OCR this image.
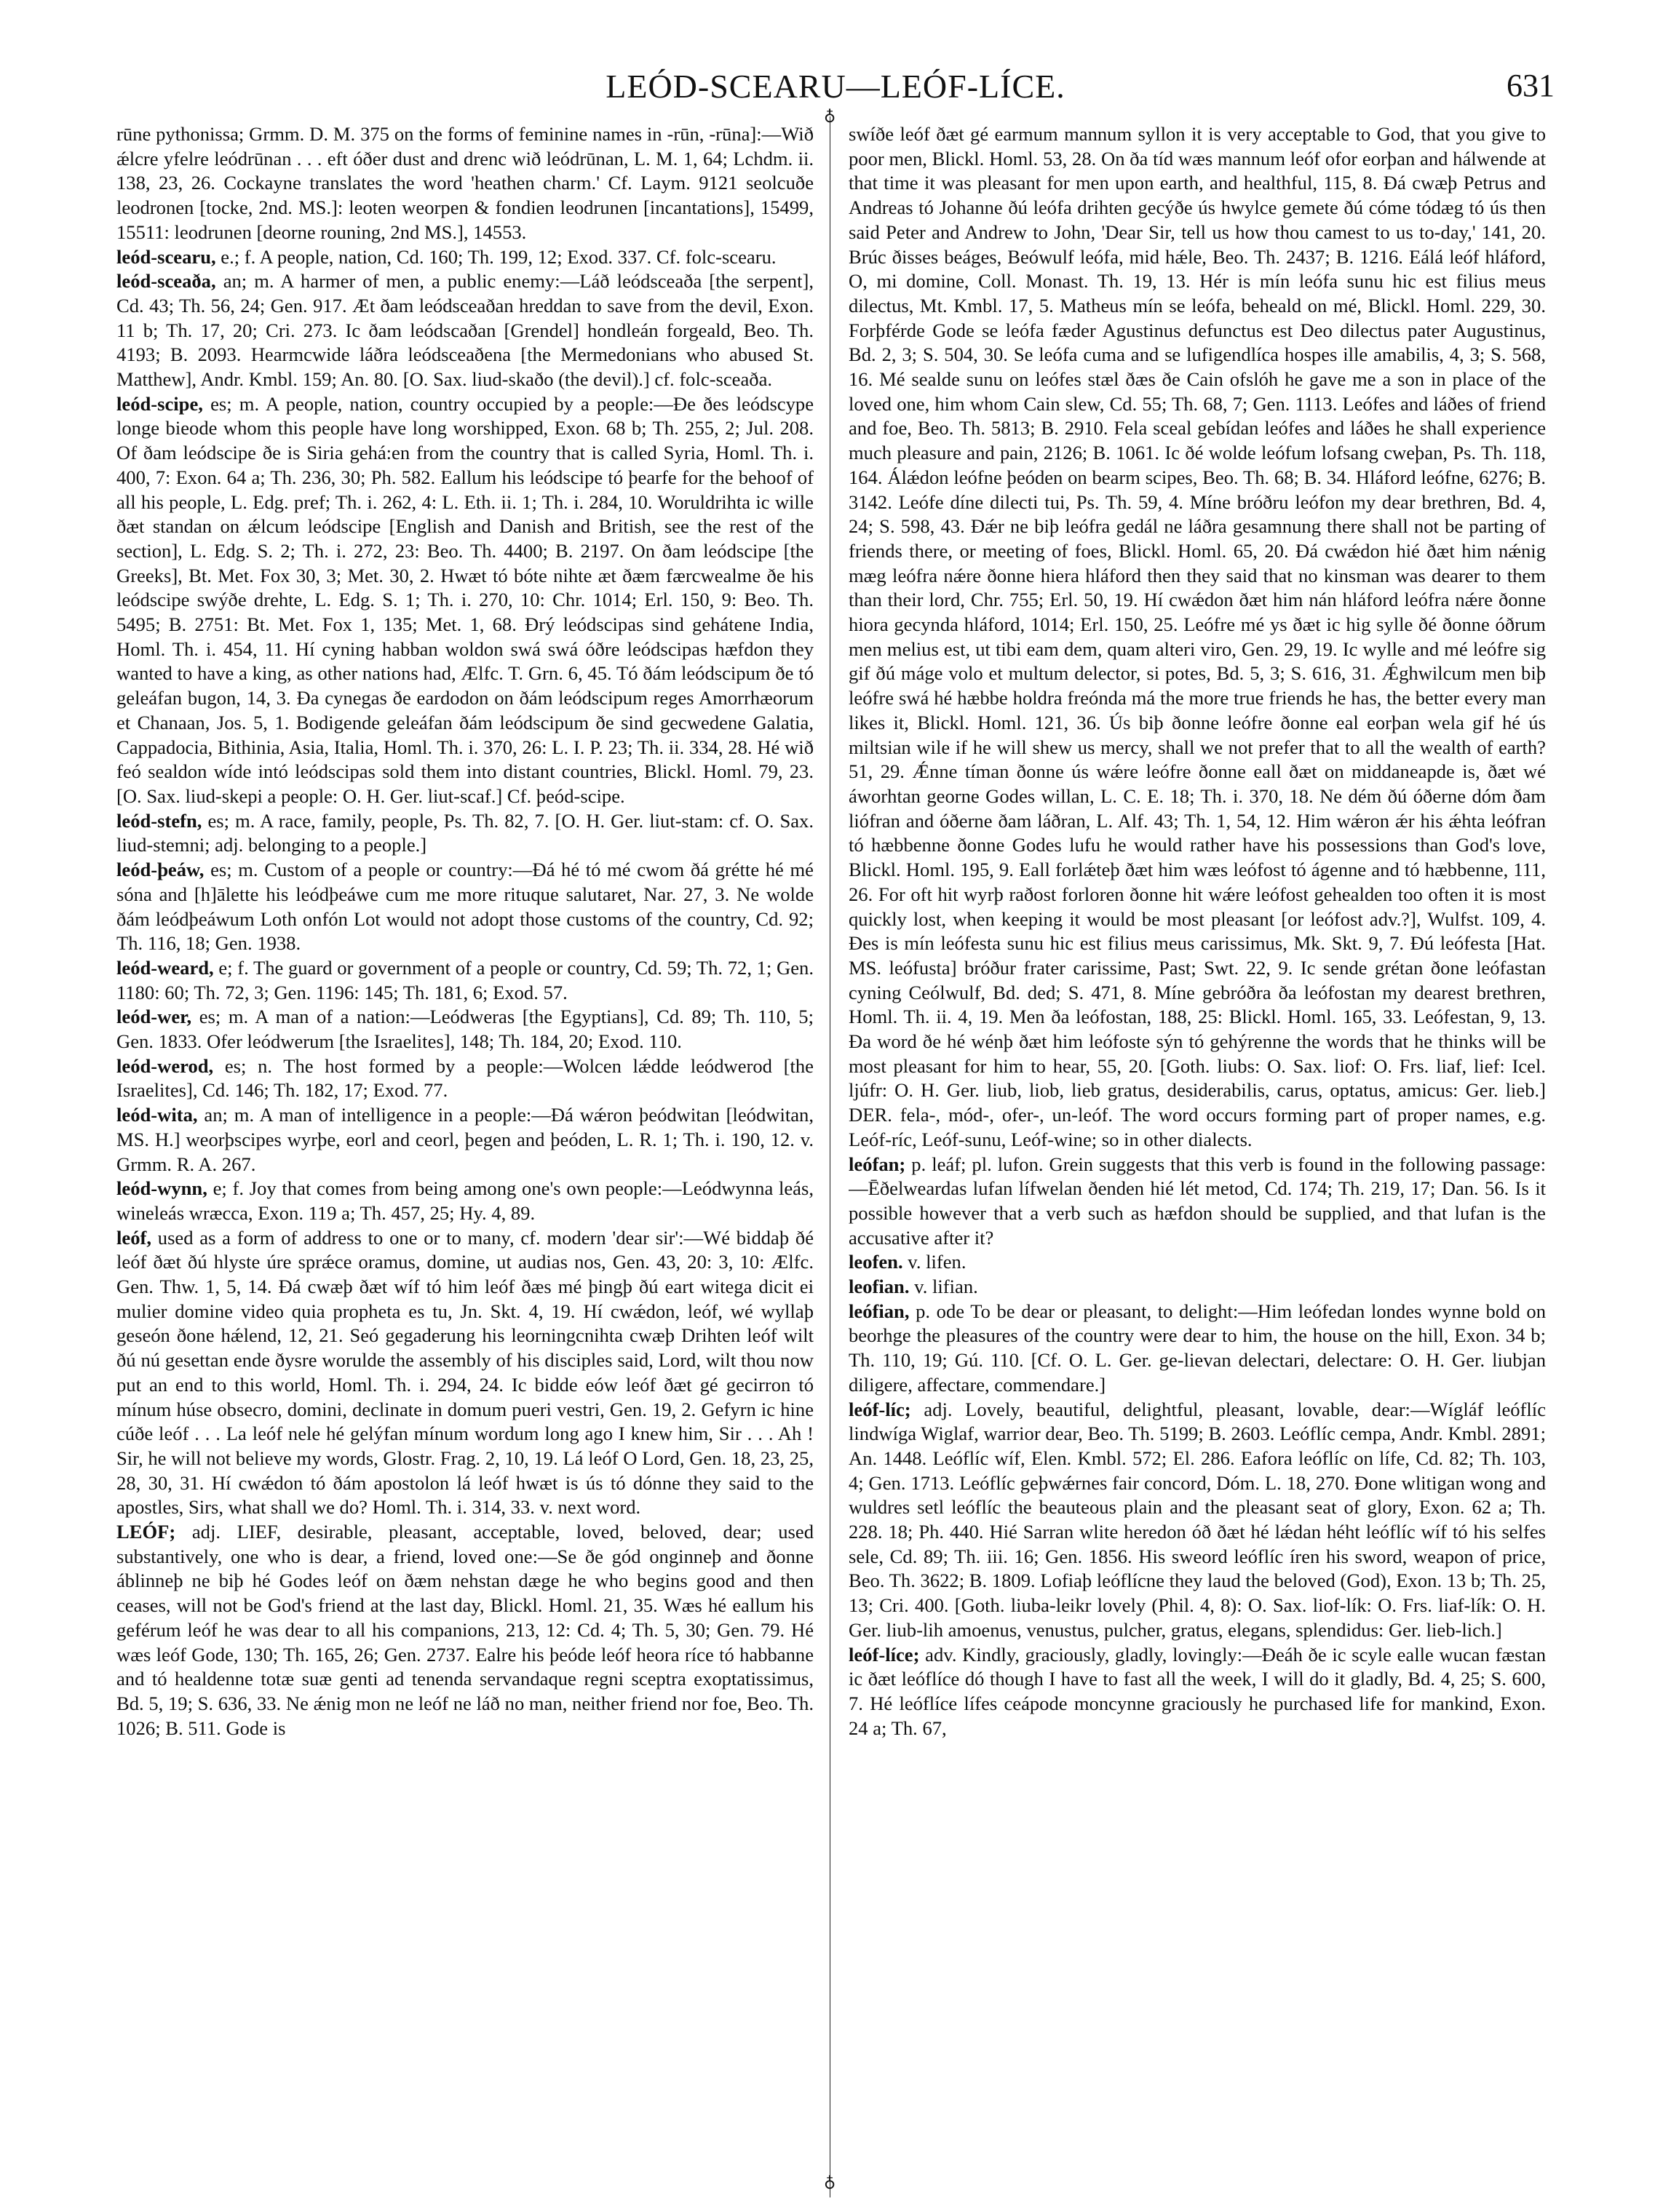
LEÓD-SCEARU—LEÓF-LÍCE.	631
♁
♁

rūne pythonissa; Grmm. D. M. 375 on the forms of feminine names in -rūn, -rūna]:—Wið ǽlcre yfelre leódrūnan . . . eft óðer dust and drenc wið leódrūnan, L. M. 1, 64; Lchdm. ii. 138, 23, 26. Cockayne translates the word 'heathen charm.' Cf. Laym. 9121 seolcuðe leodronen [tocke, 2nd. MS.]: leoten weorpen & fondien leodrunen [incantations], 15499, 15511: leodrunen [deorne rouning, 2nd MS.], 14553.

leód-scearu, e.; f. A people, nation, Cd. 160; Th. 199, 12; Exod. 337. Cf. folc-scearu.

leód-sceaða, an; m. A harmer of men, a public enemy:—Láð leódsceaða [the serpent], Cd. 43; Th. 56, 24; Gen. 917. Æt ðam leódsceaðan hreddan to save from the devil, Exon. 11 b; Th. 17, 20; Cri. 273. Ic ðam leódscaðan [Grendel] hondleán forgeald, Beo. Th. 4193; B. 2093. Hearmcwide láðra leódsceaðena [the Mermedonians who abused St. Matthew], Andr. Kmbl. 159; An. 80. [O. Sax. liud-skaðo (the devil).] cf. folc-sceaða.

leód-scipe, es; m. A people, nation, country occupied by a people:—Ðe ðes leódscype longe bieode whom this people have long worshipped, Exon. 68 b; Th. 255, 2; Jul. 208. Of ðam leódscipe ðe is Siria gehá:en from the country that is called Syria, Homl. Th. i. 400, 7: Exon. 64 a; Th. 236, 30; Ph. 582. Eallum his leódscipe tó þearfe for the behoof of all his people, L. Edg. pref; Th. i. 262, 4: L. Eth. ii. 1; Th. i. 284, 10. Woruldrihta ic wille ðæt standan on ǽlcum leódscipe [English and Danish and British, see the rest of the section], L. Edg. S. 2; Th. i. 272, 23: Beo. Th. 4400; B. 2197. On ðam leódscipe [the Greeks], Bt. Met. Fox 30, 3; Met. 30, 2. Hwæt tó bóte nihte æt ðæm færcwealme ðe his leódscipe swýðe drehte, L. Edg. S. 1; Th. i. 270, 10: Chr. 1014; Erl. 150, 9: Beo. Th. 5495; B. 2751: Bt. Met. Fox 1, 135; Met. 1, 68. Ðrý leódscipas sind gehátene India, Homl. Th. i. 454, 11. Hí cyning habban woldon swá swá óðre leódscipas hæfdon they wanted to have a king, as other nations had, Ælfc. T. Grn. 6, 45. Tó ðám leódscipum ðe tó geleáfan bugon, 14, 3. Ða cynegas ðe eardodon on ðám leódscipum reges Amorrhæorum et Chanaan, Jos. 5, 1. Bodigende geleáfan ðám leódscipum ðe sind gecwedene Galatia, Cappadocia, Bithinia, Asia, Italia, Homl. Th. i. 370, 26: L. I. P. 23; Th. ii. 334, 28. Hé wið feó sealdon wíde intó leódscipas sold them into distant countries, Blickl. Homl. 79, 23. [O. Sax. liud-skepi a people: O. H. Ger. liut-scaf.] Cf. þeód-scipe.

leód-stefn, es; m. A race, family, people, Ps. Th. 82, 7. [O. H. Ger. liut-stam: cf. O. Sax. liud-stemni; adj. belonging to a people.]

leód-þeáw, es; m. Custom of a people or country:—Ðá hé tó mé cwom ðá grétte hé mé sóna and [h]ālette his leódþeáwe cum me more rituque salutaret, Nar. 27, 3. Ne wolde ðám leódþeáwum Loth onfón Lot would not adopt those customs of the country, Cd. 92; Th. 116, 18; Gen. 1938.

leód-weard, e; f. The guard or government of a people or country, Cd. 59; Th. 72, 1; Gen. 1180: 60; Th. 72, 3; Gen. 1196: 145; Th. 181, 6; Exod. 57.

leód-wer, es; m. A man of a nation:—Leódweras [the Egyptians], Cd. 89; Th. 110, 5; Gen. 1833. Ofer leódwerum [the Israelites], 148; Th. 184, 20; Exod. 110.

leód-werod, es; n. The host formed by a people:—Wolcen lǽdde leódwerod [the Israelites], Cd. 146; Th. 182, 17; Exod. 77.

leód-wita, an; m. A man of intelligence in a people:—Ðá wǽron þeódwitan [leódwitan, MS. H.] weorþscipes wyrþe, eorl and ceorl, þegen and þeóden, L. R. 1; Th. i. 190, 12. v. Grmm. R. A. 267.

leód-wynn, e; f. Joy that comes from being among one's own people:—Leódwynna leás, wineleás wræcca, Exon. 119 a; Th. 457, 25; Hy. 4, 89.

leóf, used as a form of address to one or to many, cf. modern 'dear sir':—Wé biddaþ ðé leóf ðæt ðú hlyste úre sprǽce oramus, domine, ut audias nos, Gen. 43, 20: 3, 10: Ælfc. Gen. Thw. 1, 5, 14. Ðá cwæþ ðæt wíf tó him leóf ðæs mé þingþ ðú eart witega dicit ei mulier domine video quia propheta es tu, Jn. Skt. 4, 19. Hí cwǽdon, leóf, wé wyllaþ geseón ðone hǽlend, 12, 21. Seó gegaderung his leorningcnihta cwæþ Drihten leóf wilt ðú nú gesettan ende ðysre worulde the assembly of his disciples said, Lord, wilt thou now put an end to this world, Homl. Th. i. 294, 24. Ic bidde eów leóf ðæt gé gecirron tó mínum húse obsecro, domini, declinate in domum pueri vestri, Gen. 19, 2. Gefyrn ic hine cúðe leóf . . . La leóf nele hé gelýfan mínum wordum long ago I knew him, Sir . . . Ah ! Sir, he will not believe my words, Glostr. Frag. 2, 10, 19. Lá leóf O Lord, Gen. 18, 23, 25, 28, 30, 31. Hí cwǽdon tó ðám apostolon lá leóf hwæt is ús tó dónne they said to the apostles, Sirs, what shall we do? Homl. Th. i. 314, 33. v. next word.

LEÓF; adj. LIEF, desirable, pleasant, acceptable, loved, beloved, dear; used substantively, one who is dear, a friend, loved one:—Se ðe gód onginneþ and ðonne áblinneþ ne biþ hé Godes leóf on ðæm nehstan dæge he who begins good and then ceases, will not be God's friend at the last day, Blickl. Homl. 21, 35. Wæs hé eallum his geférum leóf he was dear to all his companions, 213, 12: Cd. 4; Th. 5, 30; Gen. 79. Hé wæs leóf Gode, 130; Th. 165, 26; Gen. 2737. Ealre his þeóde leóf heora ríce tó habbanne and tó healdenne totæ suæ genti ad tenenda servandaque regni sceptra exoptatissimus, Bd. 5, 19; S. 636, 33. Ne ǽnig mon ne leóf ne láð no man, neither friend nor foe, Beo. Th. 1026; B. 511. Gode is

swíðe leóf ðæt gé earmum mannum syllon it is very acceptable to God, that you give to poor men, Blickl. Homl. 53, 28. On ða tíd wæs mannum leóf ofor eorþan and hálwende at that time it was pleasant for men upon earth, and healthful, 115, 8. Ðá cwæþ Petrus and Andreas tó Johanne ðú leófa drihten gecýðe ús hwylce gemete ðú cóme tódæg tó ús then said Peter and Andrew to John, 'Dear Sir, tell us how thou camest to us to-day,' 141, 20. Brúc ðisses beáges, Beówulf leófa, mid hǽle, Beo. Th. 2437; B. 1216. Eálá leóf hláford, O, mi domine, Coll. Monast. Th. 19, 13. Hér is mín leófa sunu hic est filius meus dilectus, Mt. Kmbl. 17, 5. Matheus mín se leófa, beheald on mé, Blickl. Homl. 229, 30. Forþférde Gode se leófa fæder Agustinus defunctus est Deo dilectus pater Augustinus, Bd. 2, 3; S. 504, 30. Se leófa cuma and se lufigendlíca hospes ille amabilis, 4, 3; S. 568, 16. Mé sealde sunu on leófes stæl ðæs ðe Cain ofslóh he gave me a son in place of the loved one, him whom Cain slew, Cd. 55; Th. 68, 7; Gen. 1113. Leófes and láðes of friend and foe, Beo. Th. 5813; B. 2910. Fela sceal gebídan leófes and láðes he shall experience much pleasure and pain, 2126; B. 1061. Ic ðé wolde leófum lofsang cweþan, Ps. Th. 118, 164. Álǽdon leófne þeóden on bearm scipes, Beo. Th. 68; B. 34. Hláford leófne, 6276; B. 3142. Leófe díne dilecti tui, Ps. Th. 59, 4. Míne bróðru leófon my dear brethren, Bd. 4, 24; S. 598, 43. Ðǽr ne biþ leófra gedál ne láðra gesamnung there shall not be parting of friends there, or meeting of foes, Blickl. Homl. 65, 20. Ðá cwǽdon hié ðæt him nǽnig mæg leófra nǽre ðonne hiera hláford then they said that no kinsman was dearer to them than their lord, Chr. 755; Erl. 50, 19. Hí cwǽdon ðæt him nán hláford leófra nǽre ðonne hiora gecynda hláford, 1014; Erl. 150, 25. Leófre mé ys ðæt ic hig sylle ðé ðonne óðrum men melius est, ut tibi eam dem, quam alteri viro, Gen. 29, 19. Ic wylle and mé leófre sig gif ðú máge volo et multum delector, si potes, Bd. 5, 3; S. 616, 31. Ǽghwilcum men biþ leófre swá hé hæbbe holdra freónda má the more true friends he has, the better every man likes it, Blickl. Homl. 121, 36. Ús biþ ðonne leófre ðonne eal eorþan wela gif hé ús miltsian wile if he will shew us mercy, shall we not prefer that to all the wealth of earth? 51, 29. Ǽnne tíman ðonne ús wǽre leófre ðonne eall ðæt on middaneарde is, ðæt wé áworhtan georne Godes willan, L. C. E. 18; Th. i. 370, 18. Ne dém ðú óðerne dóm ðam liófran and óðerne ðam láðran, L. Alf. 43; Th. 1, 54, 12. Him wǽron ǽr his ǽhta leófran tó hæbbenne ðonne Godes lufu he would rather have his possessions than God's love, Blickl. Homl. 195, 9. Eall forlǽteþ ðæt him wæs leófost tó ágenne and tó hæbbenne, 111, 26. For oft hit wyrþ raðost forloren ðonne hit wǽre leófost gehealden too often it is most quickly lost, when keeping it would be most pleasant [or leófost adv.?], Wulfst. 109, 4. Ðes is mín leófesta sunu hic est filius meus carissimus, Mk. Skt. 9, 7. Ðú leófesta [Hat. MS. leófusta] bróður frater carissime, Past; Swt. 22, 9. Ic sende grétan ðone leófastan cyning Ceólwulf, Bd. ded; S. 471, 8. Míne gebróðra ða leófostan my dearest brethren, Homl. Th. ii. 4, 19. Men ða leófostan, 188, 25: Blickl. Homl. 165, 33. Leófestan, 9, 13. Ða word ðe hé wénþ ðæt him leófoste sýn tó gehýrenne the words that he thinks will be most pleasant for him to hear, 55, 20. [Goth. liubs: O. Sax. liof: O. Frs. liaf, lief: Icel. ljúfr: O. H. Ger. liub, liob, lieb gratus, desiderabilis, carus, optatus, amicus: Ger. lieb.] DER. fela-, mód-, ofer-, un-leóf. The word occurs forming part of proper names, e.g. Leóf-ríc, Leóf-sunu, Leóf-wine; so in other dialects.

leófan; p. leáf; pl. lufon. Grein suggests that this verb is found in the following passage:—Ēðelweardas lufan lífwelan ðenden hié lét metod, Cd. 174; Th. 219, 17; Dan. 56. Is it possible however that a verb such as hæfdon should be supplied, and that lufan is the accusative after it?

leofen. v. lifen.

leofian. v. lifian.

leófian, p. ode To be dear or pleasant, to delight:—Him leófedan londes wynne bold on beorhge the pleasures of the country were dear to him, the house on the hill, Exon. 34 b; Th. 110, 19; Gú. 110. [Cf. O. L. Ger. ge-lievan delectari, delectare: O. H. Ger. liubjan diligere, affectare, commendare.]

leóf-líc; adj. Lovely, beautiful, delightful, pleasant, lovable, dear:—Wígláf leóflíc lindwíga Wiglaf, warrior dear, Beo. Th. 5199; B. 2603. Leóflíc cempa, Andr. Kmbl. 2891; An. 1448. Leóflíc wíf, Elen. Kmbl. 572; El. 286. Eafora leóflíc on lífe, Cd. 82; Th. 103, 4; Gen. 1713. Leóflíc geþwǽrnes fair concord, Dóm. L. 18, 270. Ðone wlitigan wong and wuldres setl leóflíc the beauteous plain and the pleasant seat of glory, Exon. 62 a; Th. 228. 18; Ph. 440. Hié Sarran wlite heredon óð ðæt hé lǽdan héht leóflíc wíf tó his selfes sele, Cd. 89; Th. iii. 16; Gen. 1856. His sweord leóflíc íren his sword, weapon of price, Beo. Th. 3622; B. 1809. Lofiaþ leóflícne they laud the beloved (God), Exon. 13 b; Th. 25, 13; Cri. 400. [Goth. liuba-leikr lovely (Phil. 4, 8): O. Sax. liof-lík: O. Frs. liaf-lík: O. H. Ger. liub-lih amoenus, venustus, pulcher, gratus, elegans, splendidus: Ger. lieb-lich.]

leóf-líce; adv. Kindly, graciously, gladly, lovingly:—Ðeáh ðe ic scyle ealle wucan fæstan ic ðæt leóflíce dó though I have to fast all the week, I will do it gladly, Bd. 4, 25; S. 600, 7. Hé leóflíce lífes ceápode moncynne graciously he purchased life for mankind, Exon. 24 a; Th. 67,
